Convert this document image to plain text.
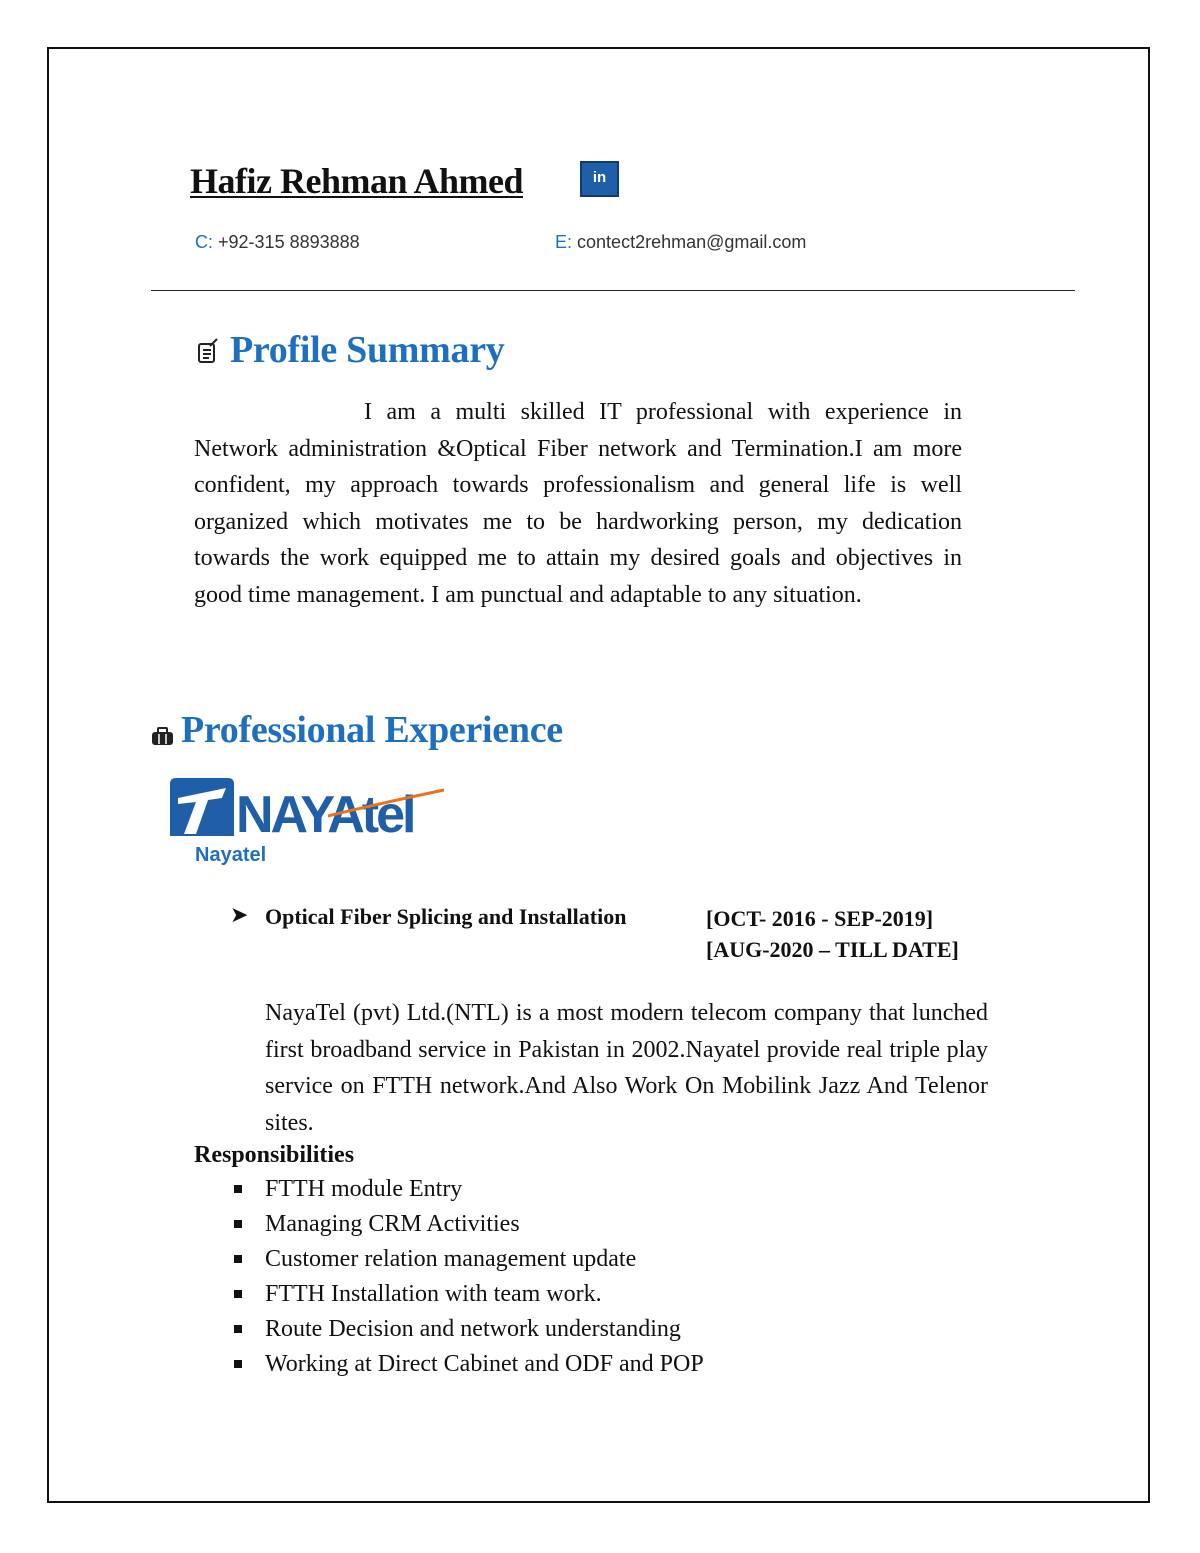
Hafiz Rehman Ahmed	in
C: +92-315 8893888	E: contect2rehman@gmail.com
Profile Summary

I am a multi skilled IT professional with experience in Network administration &Optical Fiber network and Termination.I am more confident, my approach towards professionalism and general life is well organized which motivates me to be hardworking person, my dedication towards the work equipped me to attain my desired goals and objectives in good time management. I am punctual and adaptable to any situation.

Professional Experience
NAYAtel
Nayatel
➤ Optical Fiber Splicing and Installation	[OCT- 2016 - SEP-2019]
[AUG-2020 – TILL DATE]

NayaTel (pvt) Ltd.(NTL) is a most modern telecom company that lunched first broadband service in Pakistan in 2002.Nayatel provide real triple play service on FTTH network.And Also Work On Mobilink Jazz And Telenor sites.

Responsibilities
FTTH module Entry
Managing CRM Activities
Customer relation management update
FTTH Installation with team work.
Route Decision and network understanding
Working at Direct Cabinet and ODF and POP
